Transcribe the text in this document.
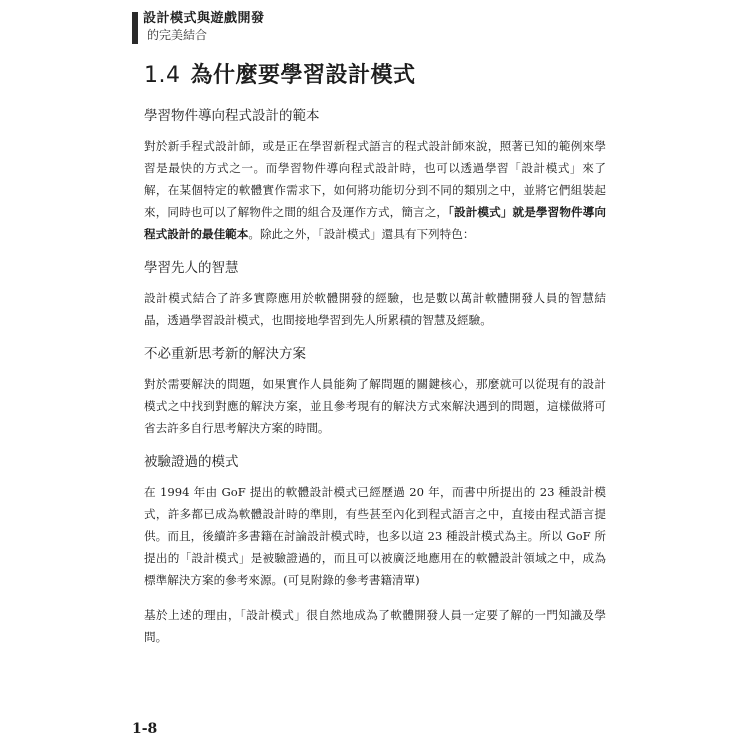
設計模式與遊戲開發
的完美結合
1.4 為什麼要學習設計模式
學習物件導向程式設計的範本

對於新手程式設計師，或是正在學習新程式語言的程式設計師來說，照著已知的範例來學習是最快的方式之一。而學習物件導向程式設計時，也可以透過學習「設計模式」來了解，在某個特定的軟體實作需求下，如何將功能切分到不同的類別之中，並將它們組裝起來，同時也可以了解物件之間的組合及運作方式，簡言之，「設計模式」就是學習物件導向程式設計的最佳範本。除此之外，「設計模式」還具有下列特色：

學習先人的智慧

設計模式結合了許多實際應用於軟體開發的經驗，也是數以萬計軟體開發人員的智慧結晶，透過學習設計模式，也間接地學習到先人所累積的智慧及經驗。

不必重新思考新的解決方案

對於需要解決的問題，如果實作人員能夠了解問題的關鍵核心，那麼就可以從現有的設計模式之中找到對應的解決方案，並且參考現有的解決方式來解決遇到的問題，這樣做將可省去許多自行思考解決方案的時間。

被驗證過的模式

在 1994 年由 GoF 提出的軟體設計模式已經歷過 20 年，而書中所提出的 23 種設計模式，許多都已成為軟體設計時的準則，有些甚至內化到程式語言之中，直接由程式語言提供。而且，後續許多書籍在討論設計模式時，也多以這 23 種設計模式為主。所以 GoF 所提出的「設計模式」是被驗證過的，而且可以被廣泛地應用在的軟體設計領域之中，成為標準解決方案的參考來源。(可見附錄的參考書籍清單)

基於上述的理由，「設計模式」很自然地成為了軟體開發人員一定要了解的一門知識及學問。

1-8
